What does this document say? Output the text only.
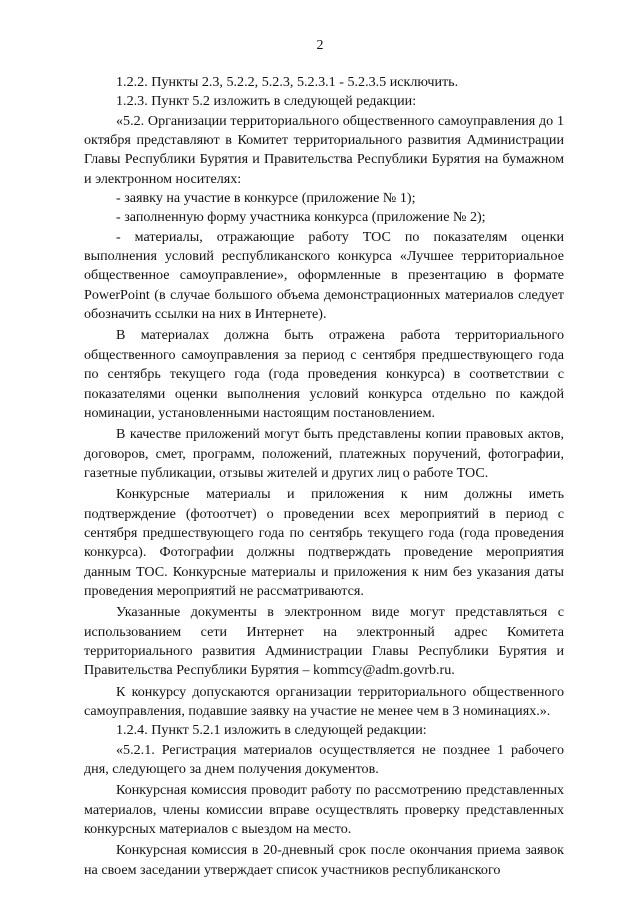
2

1.2.2. Пункты 2.3, 5.2.2, 5.2.3, 5.2.3.1 - 5.2.3.5 исключить.

1.2.3. Пункт 5.2 изложить в следующей редакции:

«5.2. Организации территориального общественного самоуправления до 1 октября представляют в Комитет территориального развития Администрации Главы Республики Бурятия и Правительства Республики Бурятия на бумажном и электронном носителях:

- заявку на участие в конкурсе (приложение № 1);

- заполненную форму участника конкурса (приложение № 2);

- материалы, отражающие работу ТОС по показателям оценки выполнения условий республиканского конкурса «Лучшее территориальное общественное самоуправление», оформленные в презентацию в формате PowerPoint (в случае большого объема демонстрационных материалов следует обозначить ссылки на них в Интернете).

В материалах должна быть отражена работа территориального общественного самоуправления за период с сентября предшествующего года по сентябрь текущего года (года проведения конкурса) в соответствии с показателями оценки выполнения условий конкурса отдельно по каждой номинации, установленными настоящим постановлением.

В качестве приложений могут быть представлены копии правовых актов, договоров, смет, программ, положений, платежных поручений, фотографии, газетные публикации, отзывы жителей и других лиц о работе ТОС.

Конкурсные материалы и приложения к ним должны иметь подтверждение (фотоотчет) о проведении всех мероприятий в период с сентября предшествующего года по сентябрь текущего года (года проведения конкурса). Фотографии должны подтверждать проведение мероприятия данным ТОС. Конкурсные материалы и приложения к ним без указания даты проведения мероприятий не рассматриваются.

Указанные документы в электронном виде могут представляться с использованием сети Интернет на электронный адрес Комитета территориального развития Администрации Главы Республики Бурятия и Правительства Республики Бурятия – kommcy@adm.govrb.ru.

К конкурсу допускаются организации территориального общественного самоуправления, подавшие заявку на участие не менее чем в 3 номинациях.».

1.2.4. Пункт 5.2.1 изложить в следующей редакции:

«5.2.1. Регистрация материалов осуществляется не позднее 1 рабочего дня, следующего за днем получения документов.

Конкурсная комиссия проводит работу по рассмотрению представленных материалов, члены комиссии вправе осуществлять проверку представленных конкурсных материалов с выездом на место.

Конкурсная комиссия в 20-дневный срок после окончания приема заявок на своем заседании утверждает список участников республиканского
